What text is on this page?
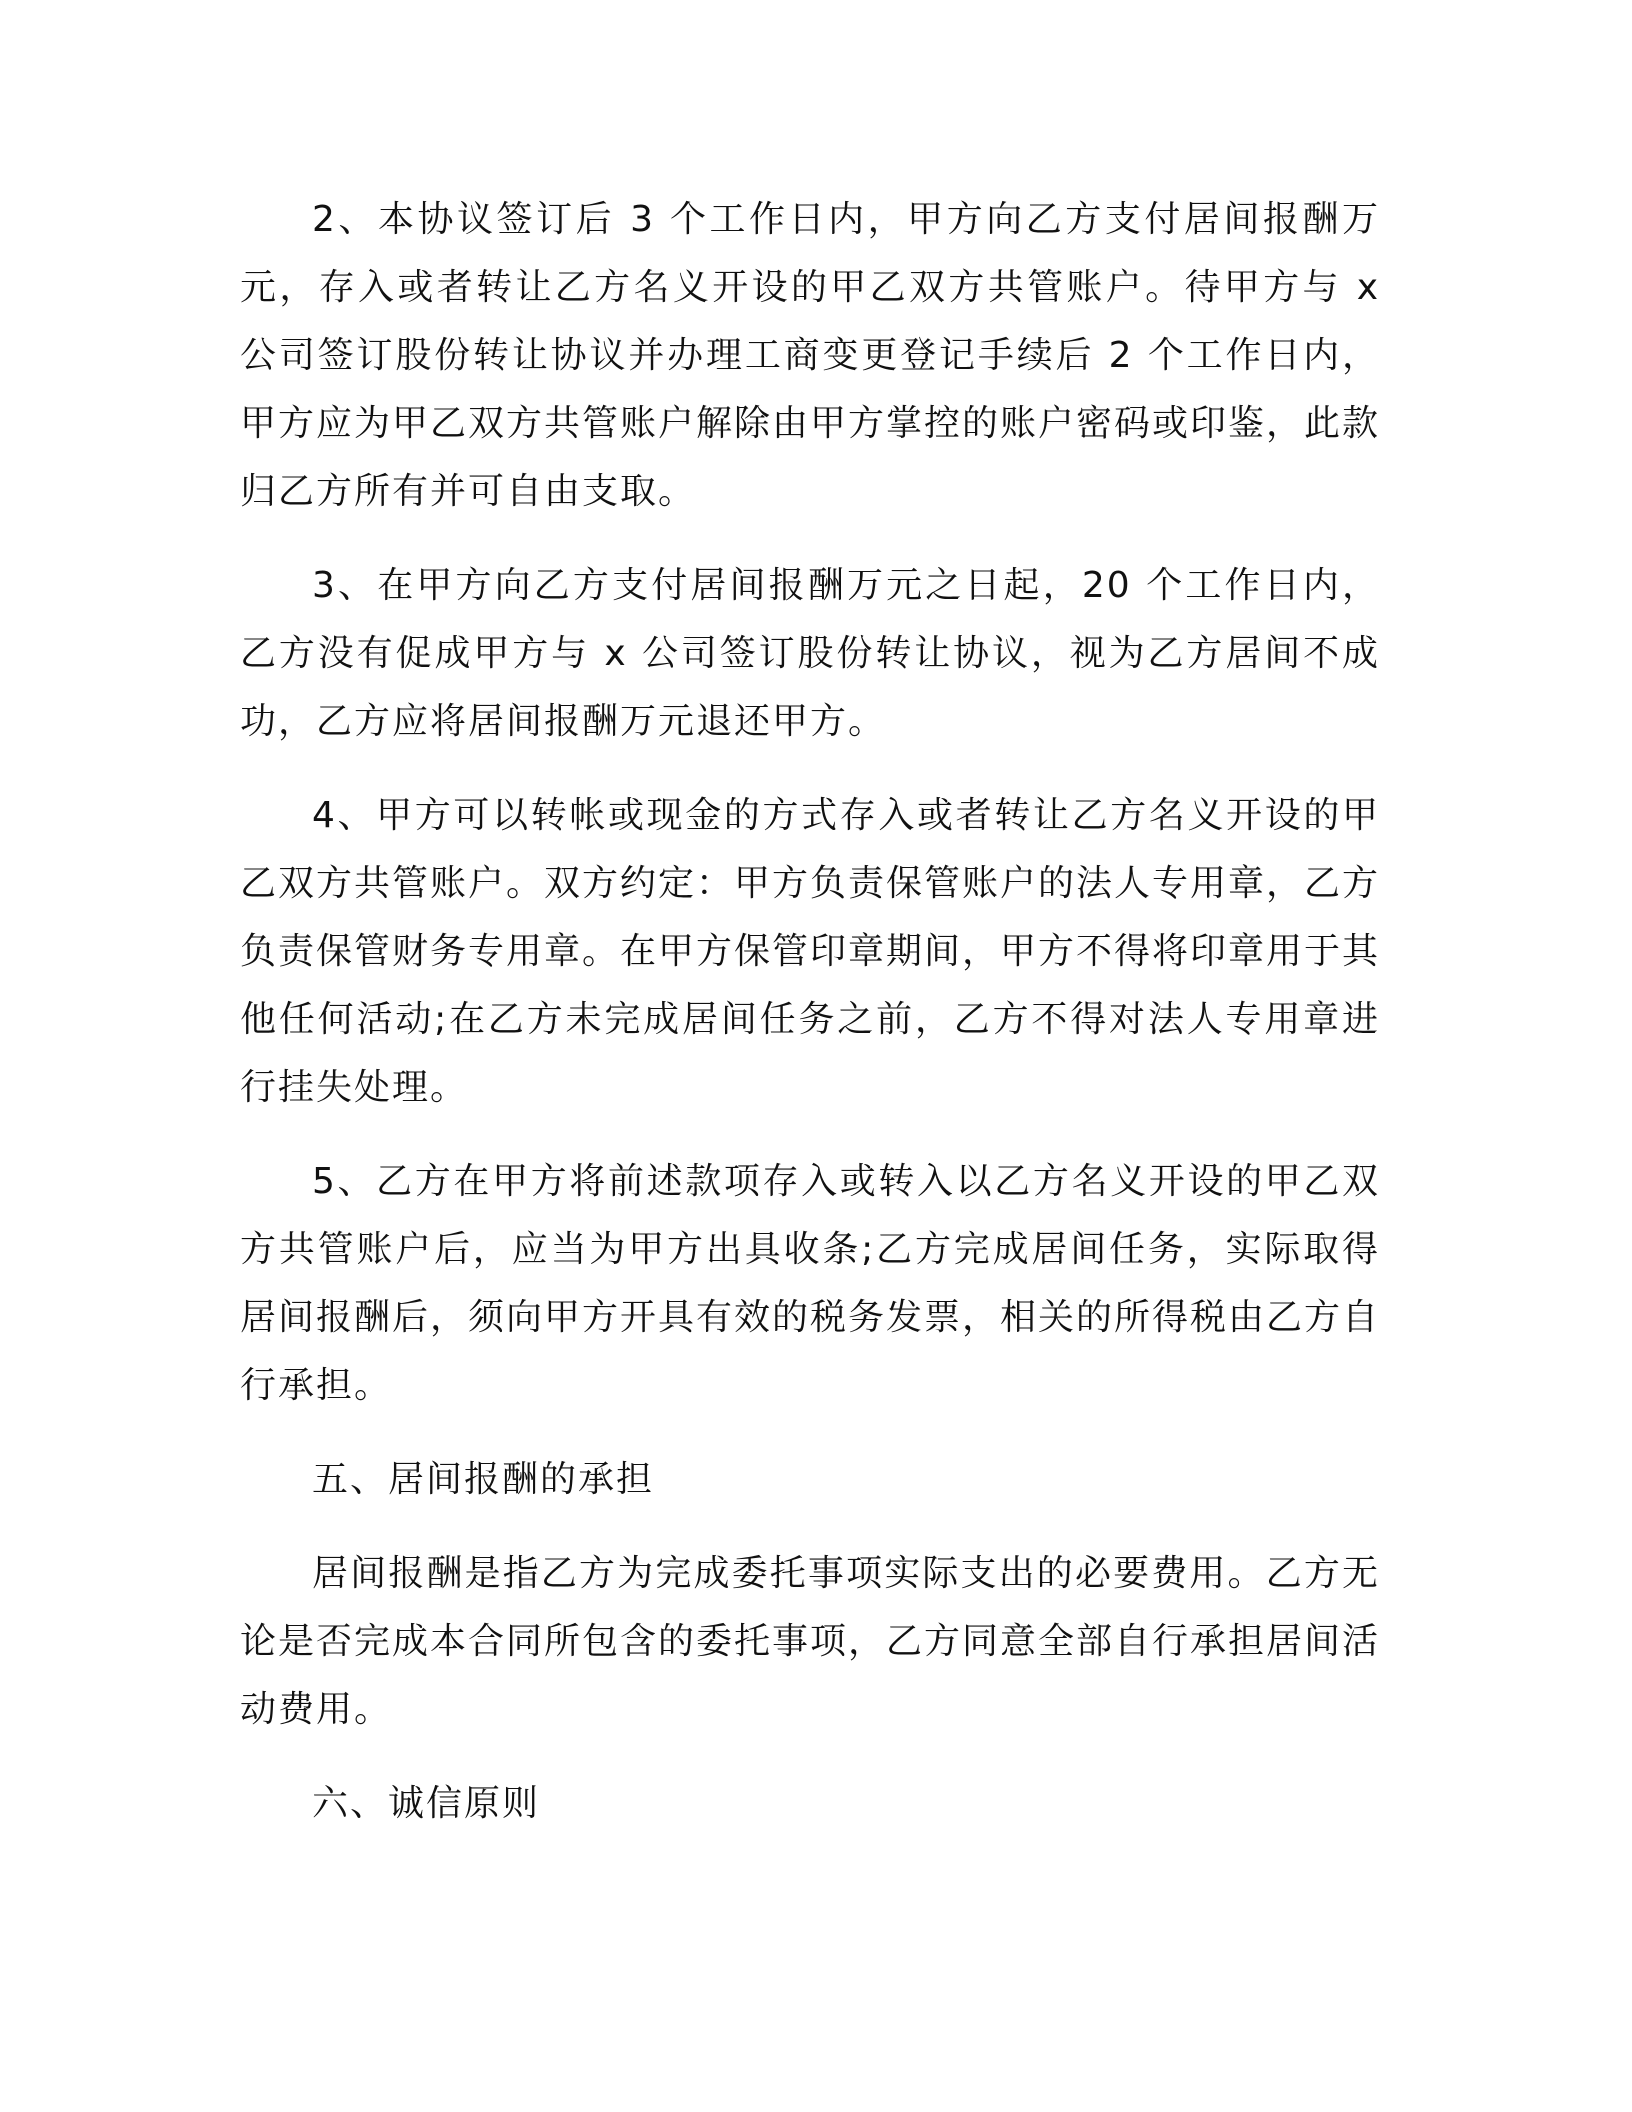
2、本协议签订后 3 个工作日内，甲方向乙方支付居间报酬万元，存入或者转让乙方名义开设的甲乙双方共管账户。待甲方与 x 公司签订股份转让协议并办理工商变更登记手续后 2 个工作日内，甲方应为甲乙双方共管账户解除由甲方掌控的账户密码或印鉴，此款归乙方所有并可自由支取。

3、在甲方向乙方支付居间报酬万元之日起，20 个工作日内，乙方没有促成甲方与 x 公司签订股份转让协议，视为乙方居间不成功，乙方应将居间报酬万元退还甲方。

4、甲方可以转帐或现金的方式存入或者转让乙方名义开设的甲乙双方共管账户。双方约定：甲方负责保管账户的法人专用章，乙方负责保管财务专用章。在甲方保管印章期间，甲方不得将印章用于其他任何活动;在乙方未完成居间任务之前，乙方不得对法人专用章进行挂失处理。

5、乙方在甲方将前述款项存入或转入以乙方名义开设的甲乙双方共管账户后，应当为甲方出具收条;乙方完成居间任务，实际取得居间报酬后，须向甲方开具有效的税务发票，相关的所得税由乙方自行承担。

五、居间报酬的承担

居间报酬是指乙方为完成委托事项实际支出的必要费用。乙方无论是否完成本合同所包含的委托事项，乙方同意全部自行承担居间活动费用。

六、诚信原则
